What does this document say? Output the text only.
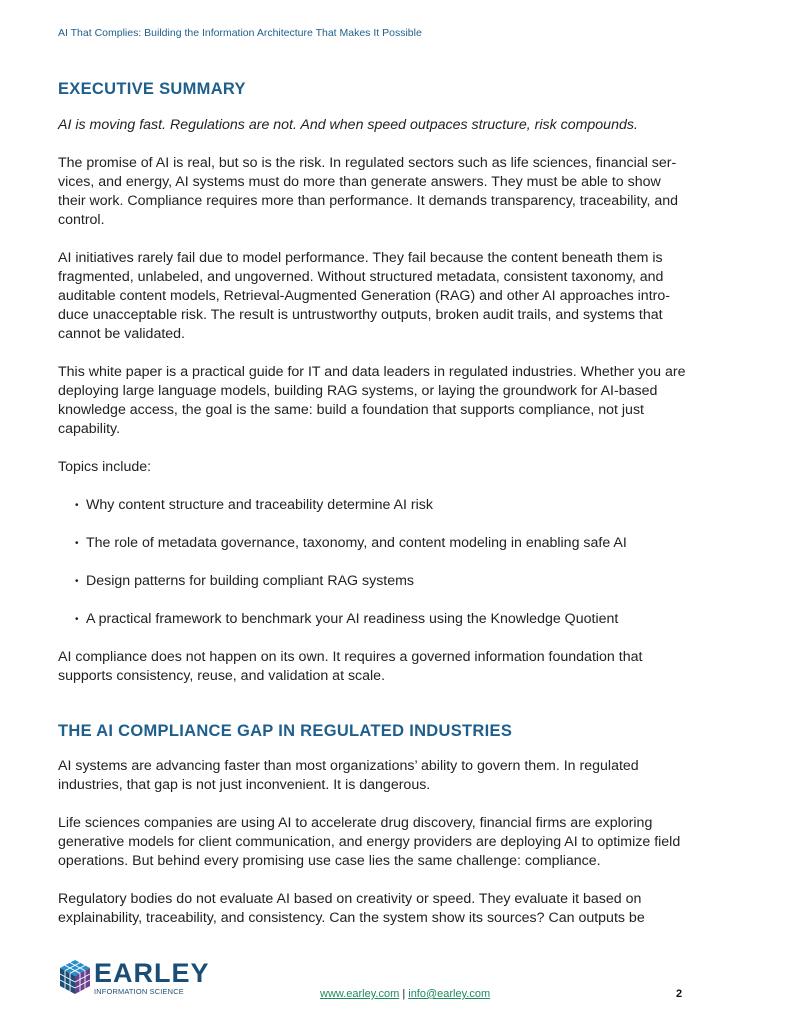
AI That Complies: Building the Information Architecture That Makes It Possible
EXECUTIVE SUMMARY

AI is moving fast. Regulations are not. And when speed outpaces structure, risk compounds.

The promise of AI is real, but so is the risk. In regulated sectors such as life sciences, financial ser-vices, and energy, AI systems must do more than generate answers. They must be able to show their work. Compliance requires more than performance. It demands transparency, traceability, and control.

AI initiatives rarely fail due to model performance. They fail because the content beneath them is fragmented, unlabeled, and ungoverned. Without structured metadata, consistent taxonomy, and auditable content models, Retrieval-Augmented Generation (RAG) and other AI approaches intro-duce unacceptable risk. The result is untrustworthy outputs, broken audit trails, and systems that cannot be validated.

This white paper is a practical guide for IT and data leaders in regulated industries. Whether you are deploying large language models, building RAG systems, or laying the groundwork for AI-based knowledge access, the goal is the same: build a foundation that supports compliance, not just capability.

Topics include:

• Why content structure and traceability determine AI risk
• The role of metadata governance, taxonomy, and content modeling in enabling safe AI
• Design patterns for building compliant RAG systems
• A practical framework to benchmark your AI readiness using the Knowledge Quotient

AI compliance does not happen on its own. It requires a governed information foundation that supports consistency, reuse, and validation at scale.

THE AI COMPLIANCE GAP IN REGULATED INDUSTRIES

AI systems are advancing faster than most organizations’ ability to govern them. In regulated industries, that gap is not just inconvenient. It is dangerous.

Life sciences companies are using AI to accelerate drug discovery, financial firms are exploring generative models for client communication, and energy providers are deploying AI to optimize field operations. But behind every promising use case lies the same challenge: compliance.

Regulatory bodies do not evaluate AI based on creativity or speed. They evaluate it based on explainability, traceability, and consistency. Can the system show its sources? Can outputs be

EARLEY
INFORMATION SCIENCE	www.earley.com | info@earley.com	2
